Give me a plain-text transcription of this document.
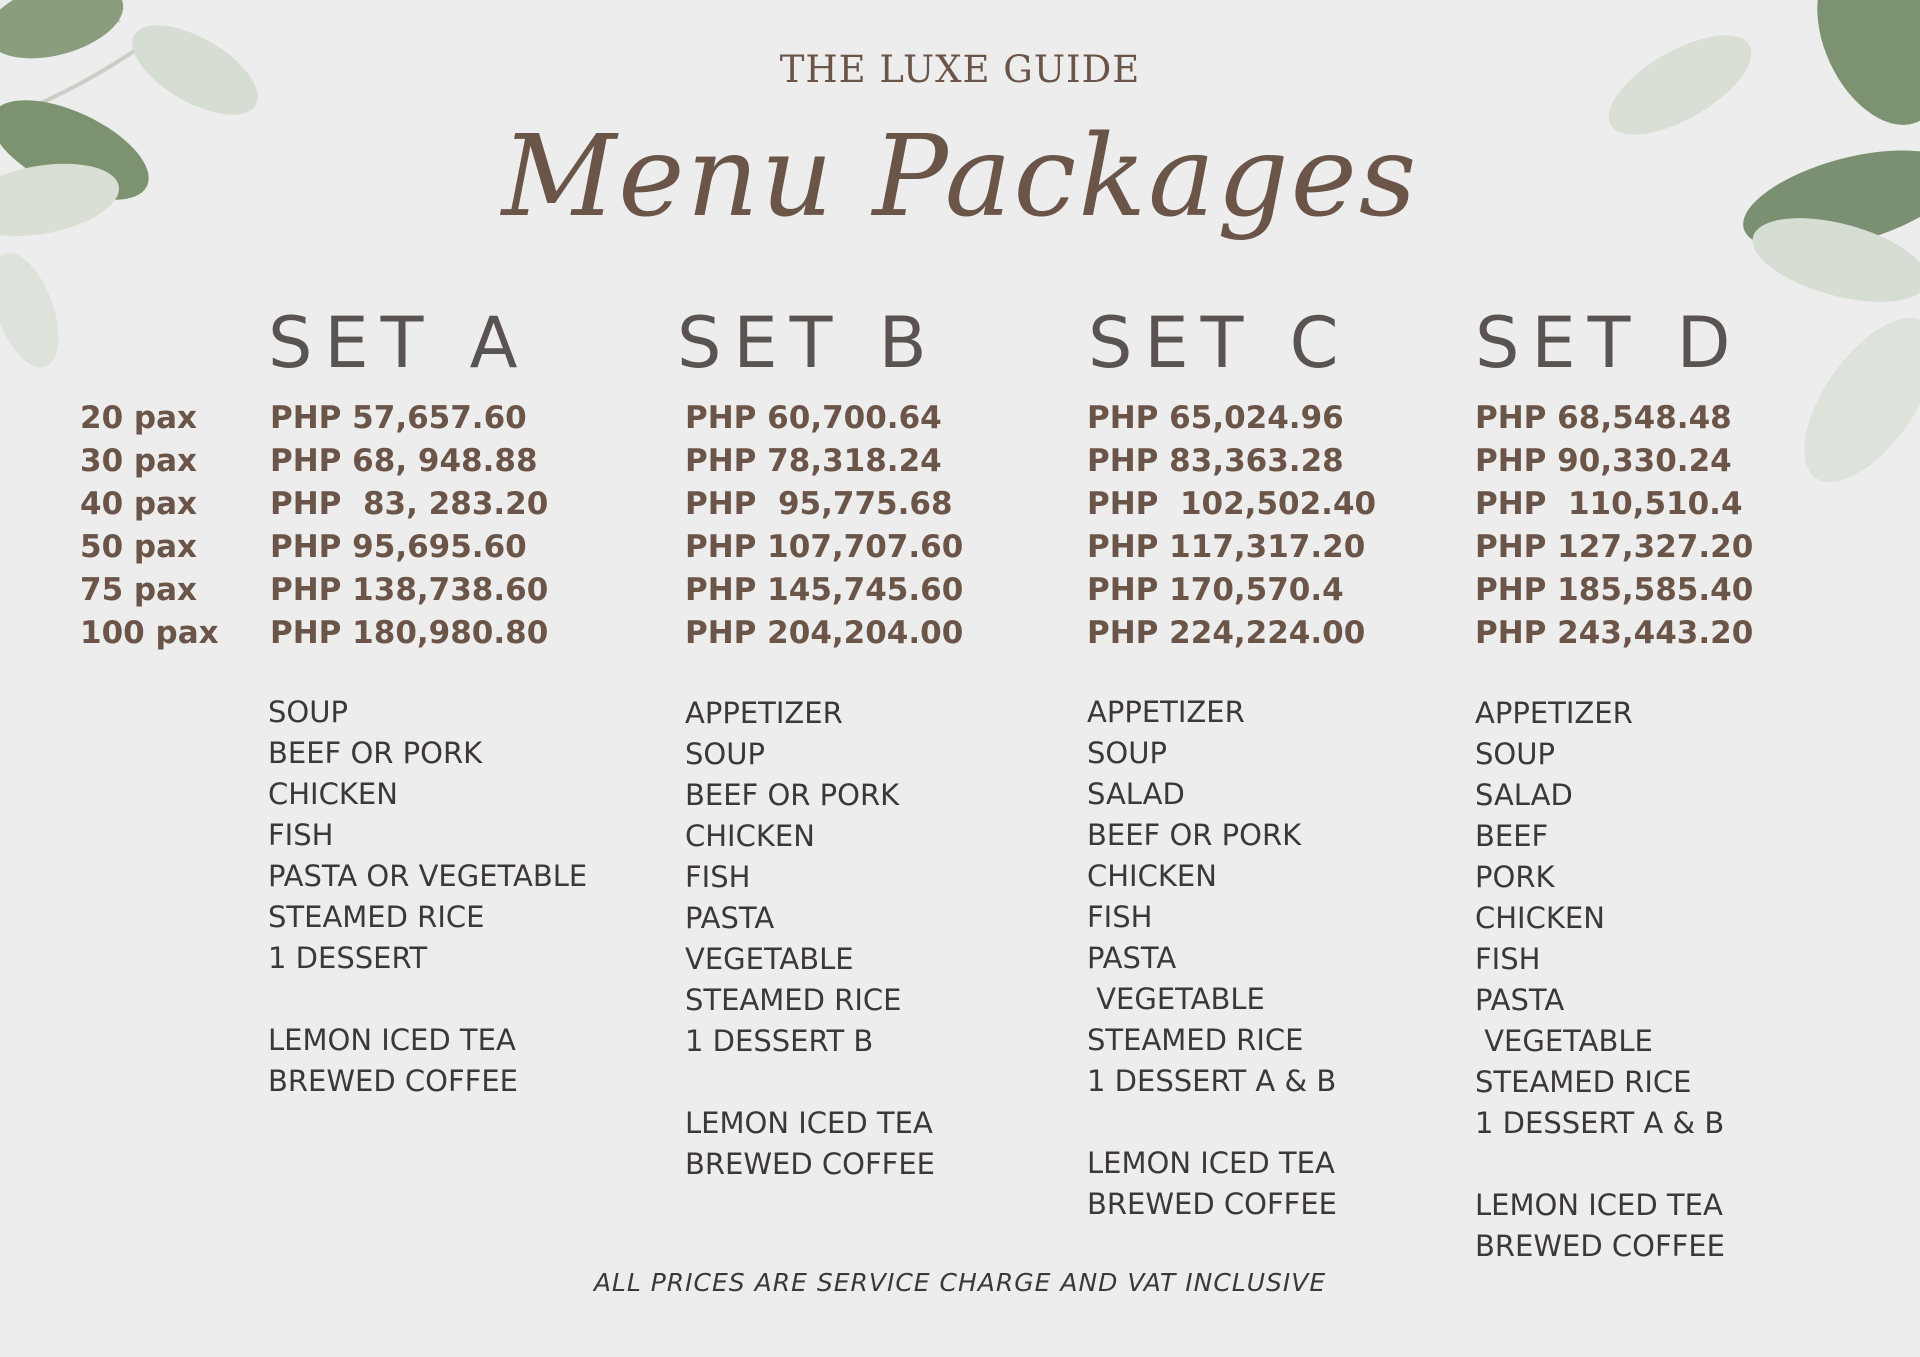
THE LUXE GUIDE
Menu Packages
SET A SET B SET C SET D
20 pax
30 pax
40 pax
50 pax
75 pax
100 pax
PHP 57,657.60
PHP 68, 948.88
PHP  83, 283.20
PHP 95,695.60
PHP 138,738.60
PHP 180,980.80
PHP 60,700.64
PHP 78,318.24
PHP  95,775.68
PHP 107,707.60
PHP 145,745.60
PHP 204,204.00
PHP 65,024.96
PHP 83,363.28
PHP  102,502.40
PHP 117,317.20
PHP 170,570.4
PHP 224,224.00
PHP 68,548.48
PHP 90,330.24
PHP  110,510.4
PHP 127,327.20
PHP 185,585.40
PHP 243,443.20
SOUP
BEEF OR PORK
CHICKEN
FISH
PASTA OR VEGETABLE
STEAMED RICE
1 DESSERT
LEMON ICED TEA
BREWED COFFEE
APPETIZER
SOUP
BEEF OR PORK
CHICKEN
FISH
PASTA
VEGETABLE
STEAMED RICE
1 DESSERT B
LEMON ICED TEA
BREWED COFFEE
APPETIZER
SOUP
SALAD
BEEF OR PORK
CHICKEN
FISH
PASTA
VEGETABLE
STEAMED RICE
1 DESSERT A & B
LEMON ICED TEA
BREWED COFFEE
APPETIZER
SOUP
SALAD
BEEF
PORK
CHICKEN
FISH
PASTA
VEGETABLE
STEAMED RICE
1 DESSERT A & B
LEMON ICED TEA
BREWED COFFEE
ALL PRICES ARE SERVICE CHARGE AND VAT INCLUSIVE
